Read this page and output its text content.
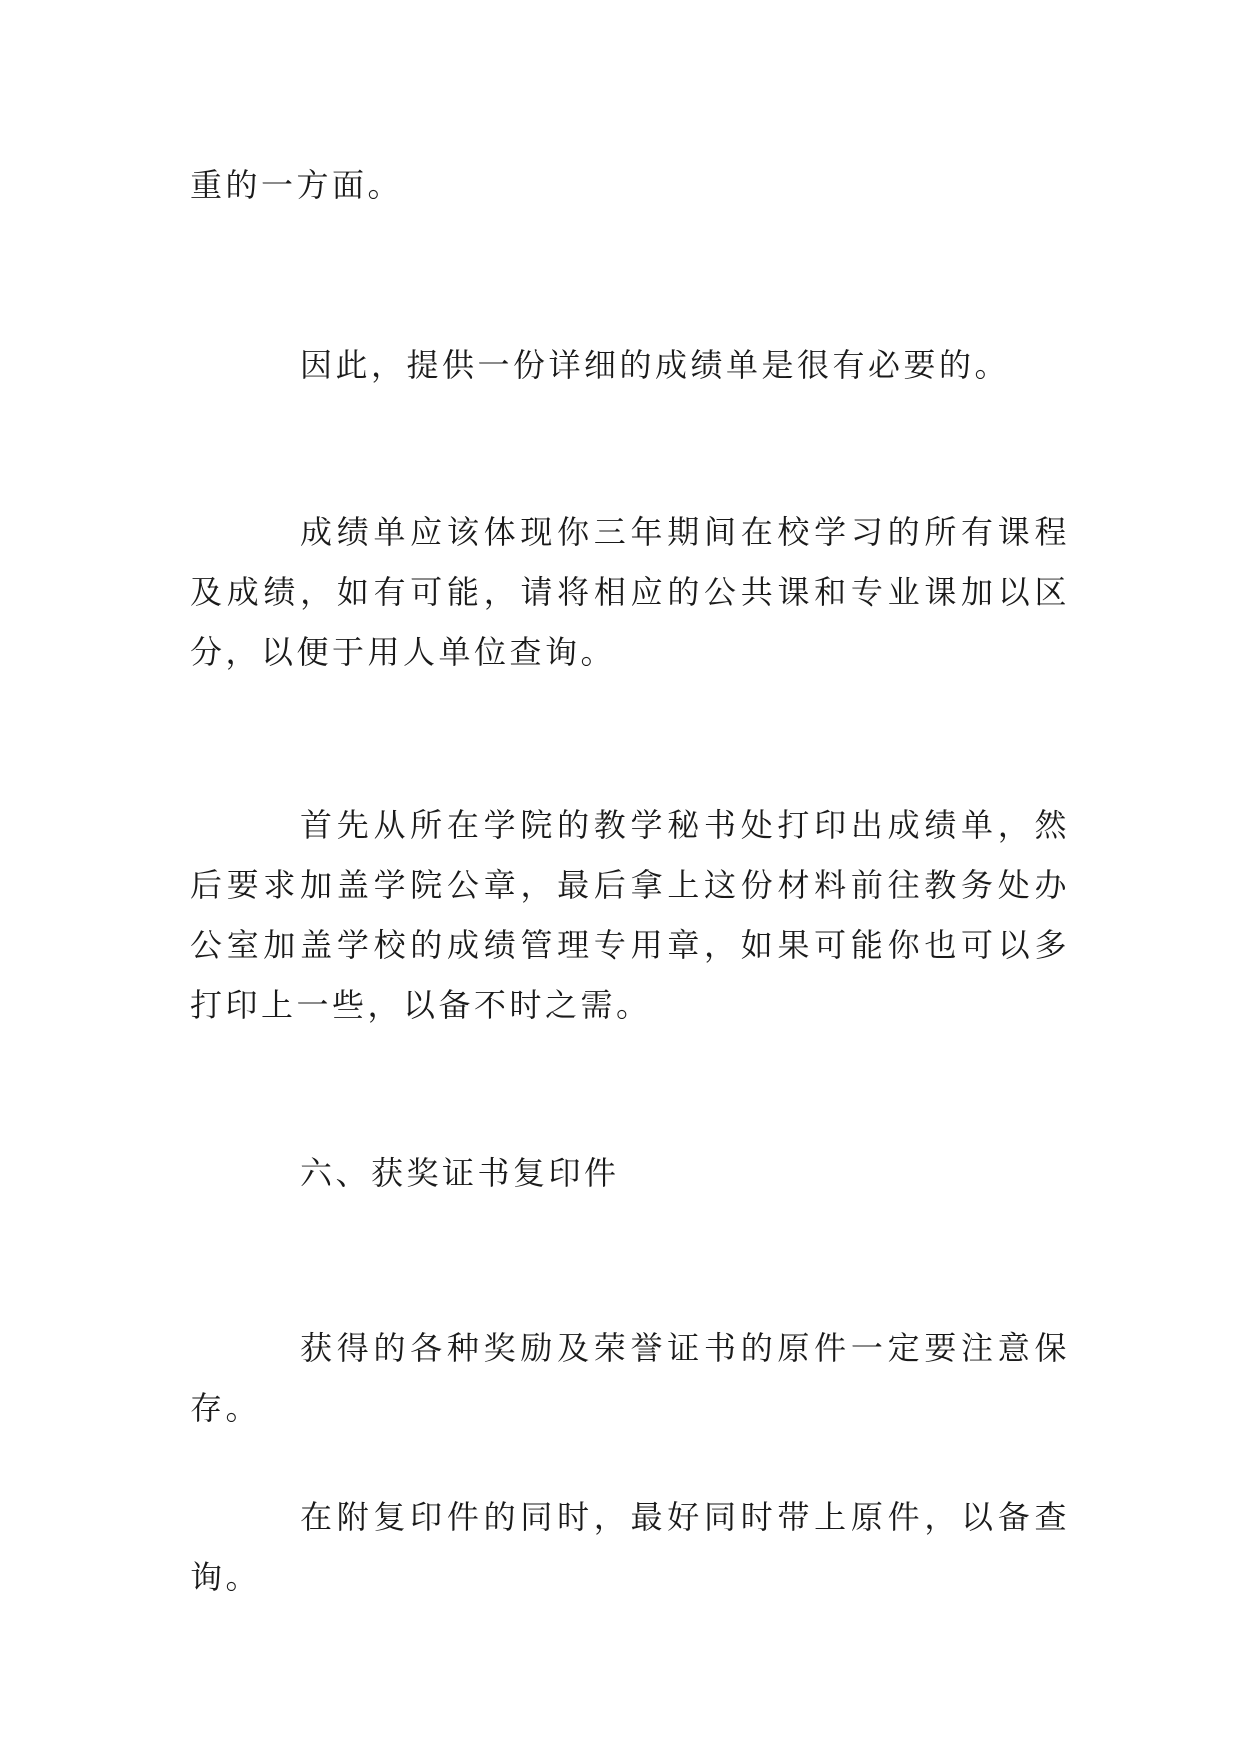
重的一方面。

因此，提供一份详细的成绩单是很有必要的。

成绩单应该体现你三年期间在校学习的所有课程及成绩，如有可能，请将相应的公共课和专业课加以区分，以便于用人单位查询。

首先从所在学院的教学秘书处打印出成绩单，然后要求加盖学院公章，最后拿上这份材料前往教务处办公室加盖学校的成绩管理专用章，如果可能你也可以多打印上一些，以备不时之需。

六、获奖证书复印件

获得的各种奖励及荣誉证书的原件一定要注意保存。

在附复印件的同时，最好同时带上原件，以备查询。
